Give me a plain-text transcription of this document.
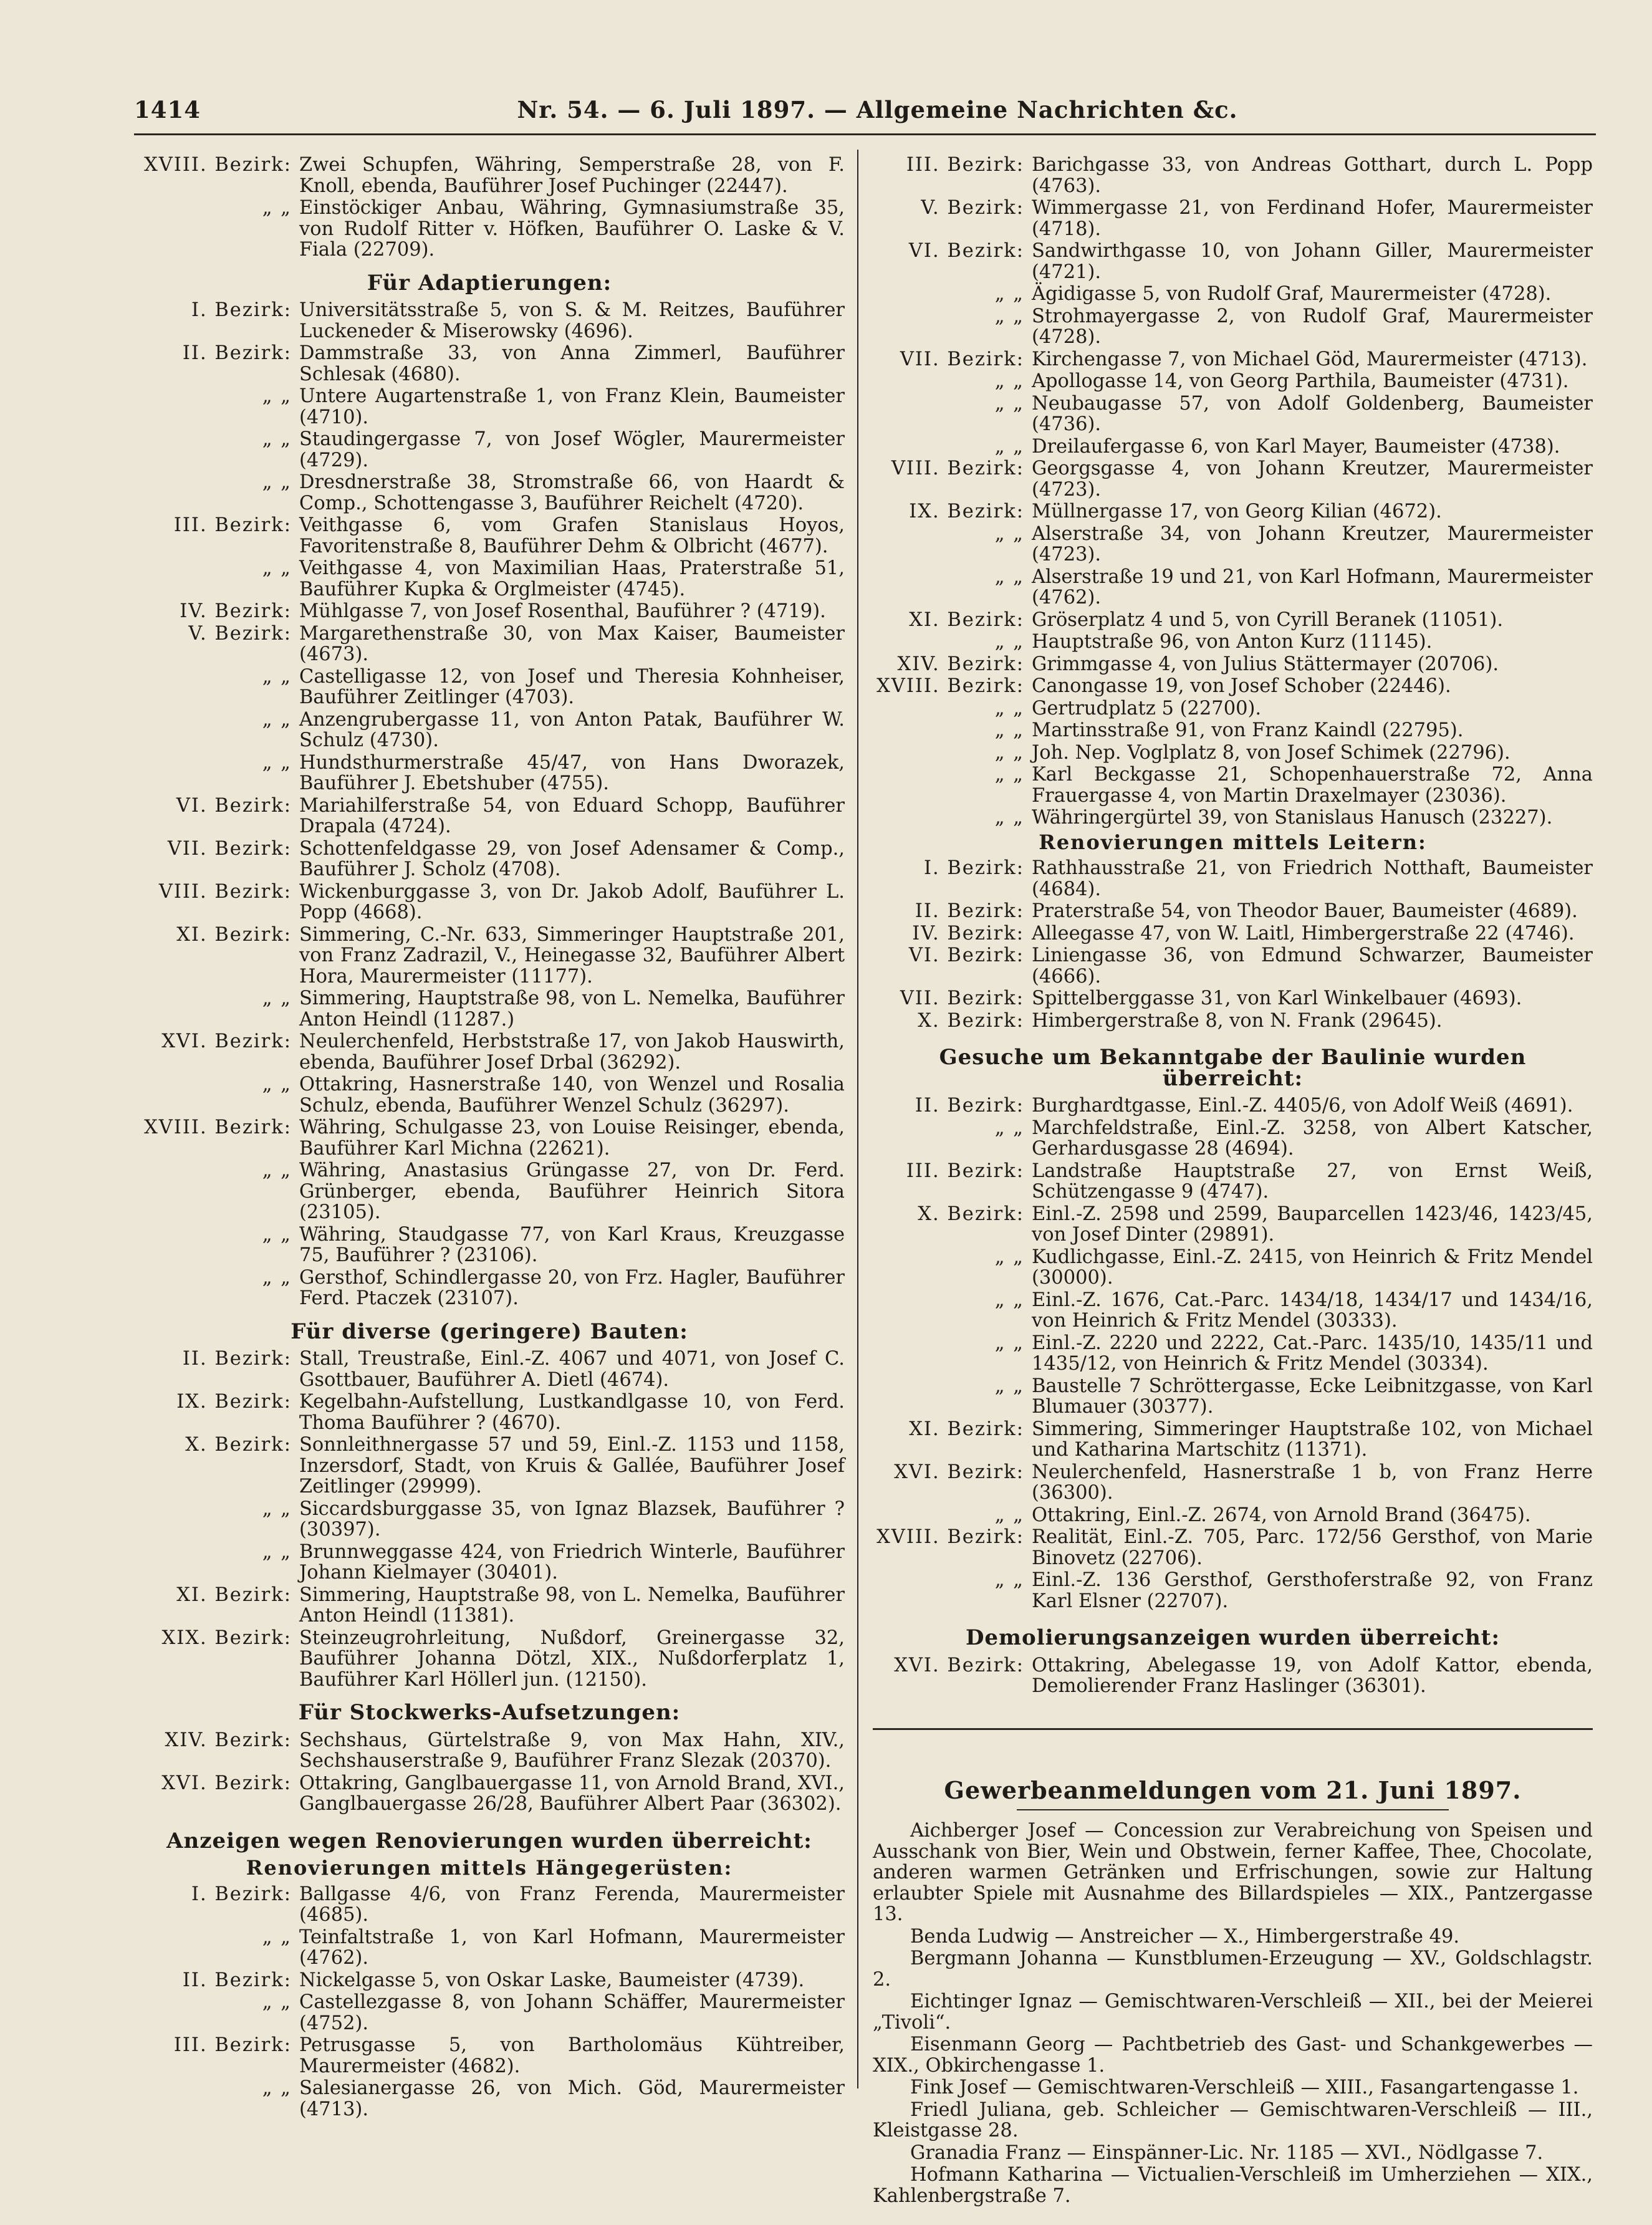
1414	Nr. 54. — 6. Juli 1897. — Allgemeine Nachrichten &c.
XVIII. Bezirk: Zwei Schupfen, Währing, Semperstraße 28, von F. Knoll, ebenda, Bauführer Josef Puchinger (22447).
„ „ Einstöckiger Anbau, Währing, Gymnasiumstraße 35, von Rudolf Ritter v. Höfken, Bauführer O. Laske & V. Fiala (22709).
Für Adaptierungen:
I. Bezirk: Universitätsstraße 5, von S. & M. Reitzes, Bauführer Luckeneder & Miserowsky (4696).
II. Bezirk: Dammstraße 33, von Anna Zimmerl, Bauführer Schlesak (4680).
„ „ Untere Augartenstraße 1, von Franz Klein, Baumeister (4710).
„ „ Staudingergasse 7, von Josef Wögler, Maurermeister (4729).
„ „ Dresdnerstraße 38, Stromstraße 66, von Haardt & Comp., Schottengasse 3, Bauführer Reichelt (4720).
III. Bezirk: Veithgasse 6, vom Grafen Stanislaus Hoyos, Favoritenstraße 8, Bauführer Dehm & Olbricht (4677).
„ „ Veithgasse 4, von Maximilian Haas, Praterstraße 51, Bauführer Kupka & Orglmeister (4745).
IV. Bezirk: Mühlgasse 7, von Josef Rosenthal, Bauführer ? (4719).
V. Bezirk: Margarethenstraße 30, von Max Kaiser, Baumeister (4673).
„ „ Castelligasse 12, von Josef und Theresia Kohnheiser, Bauführer Zeitlinger (4703).
„ „ Anzengrubergasse 11, von Anton Patak, Bauführer W. Schulz (4730).
„ „ Hundsthurmerstraße 45/47, von Hans Dworazek, Bauführer J. Ebetshuber (4755).
VI. Bezirk: Mariahilferstraße 54, von Eduard Schopp, Bauführer Drapala (4724).
VII. Bezirk: Schottenfeldgasse 29, von Josef Adensamer & Comp., Bauführer J. Scholz (4708).
VIII. Bezirk: Wickenburggasse 3, von Dr. Jakob Adolf, Bauführer L. Popp (4668).
XI. Bezirk: Simmering, C.-Nr. 633, Simmeringer Hauptstraße 201, von Franz Zadrazil, V., Heinegasse 32, Bauführer Albert Hora, Maurermeister (11177).
„ „ Simmering, Hauptstraße 98, von L. Nemelka, Bauführer Anton Heindl (11287.)
XVI. Bezirk: Neulerchenfeld, Herbststraße 17, von Jakob Hauswirth, ebenda, Bauführer Josef Drbal (36292).
„ „ Ottakring, Hasnerstraße 140, von Wenzel und Rosalia Schulz, ebenda, Bauführer Wenzel Schulz (36297).
XVIII. Bezirk: Währing, Schulgasse 23, von Louise Reisinger, ebenda, Bauführer Karl Michna (22621).
„ „ Währing, Anastasius Grüngasse 27, von Dr. Ferd. Grünberger, ebenda, Bauführer Heinrich Sitora (23105).
„ „ Währing, Staudgasse 77, von Karl Kraus, Kreuzgasse 75, Bauführer ? (23106).
„ „ Gersthof, Schindlergasse 20, von Frz. Hagler, Bauführer Ferd. Ptaczek (23107).
Für diverse (geringere) Bauten:
II. Bezirk: Stall, Treustraße, Einl.-Z. 4067 und 4071, von Josef C. Gsottbauer, Bauführer A. Dietl (4674).
IX. Bezirk: Kegelbahn-Aufstellung, Lustkandlgasse 10, von Ferd. Thoma Bauführer ? (4670).
X. Bezirk: Sonnleithnergasse 57 und 59, Einl.-Z. 1153 und 1158, Inzersdorf, Stadt, von Kruis & Gallée, Bauführer Josef Zeitlinger (29999).
„ „ Siccardsburggasse 35, von Ignaz Blazsek, Bauführer ? (30397).
„ „ Brunnweggasse 424, von Friedrich Winterle, Bauführer Johann Kielmayer (30401).
XI. Bezirk: Simmering, Hauptstraße 98, von L. Nemelka, Bauführer Anton Heindl (11381).
XIX. Bezirk: Steinzeugrohrleitung, Nußdorf, Greinergasse 32, Bauführer Johanna Dötzl, XIX., Nußdorferplatz 1, Bauführer Karl Höllerl jun. (12150).
Für Stockwerks-Aufsetzungen:
XIV. Bezirk: Sechshaus, Gürtelstraße 9, von Max Hahn, XIV., Sechshauserstraße 9, Bauführer Franz Slezak (20370).
XVI. Bezirk: Ottakring, Ganglbauergasse 11, von Arnold Brand, XVI., Ganglbauergasse 26/28, Bauführer Albert Paar (36302).
Anzeigen wegen Renovierungen wurden überreicht:
Renovierungen mittels Hängegerüsten:
I. Bezirk: Ballgasse 4/6, von Franz Ferenda, Maurermeister (4685).
„ „ Teinfaltstraße 1, von Karl Hofmann, Maurermeister (4762).
II. Bezirk: Nickelgasse 5, von Oskar Laske, Baumeister (4739).
„ „ Castellezgasse 8, von Johann Schäffer, Maurermeister (4752).
III. Bezirk: Petrusgasse 5, von Bartholomäus Kühtreiber, Maurermeister (4682).
„ „ Salesianergasse 26, von Mich. Göd, Maurermeister (4713).
III. Bezirk: Barichgasse 33, von Andreas Gotthart, durch L. Popp (4763).
V. Bezirk: Wimmergasse 21, von Ferdinand Hofer, Maurermeister (4718).
VI. Bezirk: Sandwirthgasse 10, von Johann Giller, Maurermeister (4721).
„ „ Ägidigasse 5, von Rudolf Graf, Maurermeister (4728).
„ „ Strohmayergasse 2, von Rudolf Graf, Maurermeister (4728).
VII. Bezirk: Kirchengasse 7, von Michael Göd, Maurermeister (4713).
„ „ Apollogasse 14, von Georg Parthila, Baumeister (4731).
„ „ Neubaugasse 57, von Adolf Goldenberg, Baumeister (4736).
„ „ Dreilaufergasse 6, von Karl Mayer, Baumeister (4738).
VIII. Bezirk: Georgsgasse 4, von Johann Kreutzer, Maurermeister (4723).
IX. Bezirk: Müllnergasse 17, von Georg Kilian (4672).
„ „ Alserstraße 34, von Johann Kreutzer, Maurermeister (4723).
„ „ Alserstraße 19 und 21, von Karl Hofmann, Maurermeister (4762).
XI. Bezirk: Gröserplatz 4 und 5, von Cyrill Beranek (11051).
„ „ Hauptstraße 96, von Anton Kurz (11145).
XIV. Bezirk: Grimmgasse 4, von Julius Stättermayer (20706).
XVIII. Bezirk: Canongasse 19, von Josef Schober (22446).
„ „ Gertrudplatz 5 (22700).
„ „ Martinsstraße 91, von Franz Kaindl (22795).
„ „ Joh. Nep. Voglplatz 8, von Josef Schimek (22796).
„ „ Karl Beckgasse 21, Schopenhauerstraße 72, Anna Frauergasse 4, von Martin Draxelmayer (23036).
„ „ Währingergürtel 39, von Stanislaus Hanusch (23227).
Renovierungen mittels Leitern:
I. Bezirk: Rathhausstraße 21, von Friedrich Notthaft, Baumeister (4684).
II. Bezirk: Praterstraße 54, von Theodor Bauer, Baumeister (4689).
IV. Bezirk: Alleegasse 47, von W. Laitl, Himbergerstraße 22 (4746).
VI. Bezirk: Liniengasse 36, von Edmund Schwarzer, Baumeister (4666).
VII. Bezirk: Spittelberggasse 31, von Karl Winkelbauer (4693).
X. Bezirk: Himbergerstraße 8, von N. Frank (29645).
Gesuche um Bekanntgabe der Baulinie wurden überreicht:
II. Bezirk: Burghardtgasse, Einl.-Z. 4405/6, von Adolf Weiß (4691).
„ „ Marchfeldstraße, Einl.-Z. 3258, von Albert Katscher, Gerhardusgasse 28 (4694).
III. Bezirk: Landstraße Hauptstraße 27, von Ernst Weiß, Schützengasse 9 (4747).
X. Bezirk: Einl.-Z. 2598 und 2599, Bauparcellen 1423/46, 1423/45, von Josef Dinter (29891).
„ „ Kudlichgasse, Einl.-Z. 2415, von Heinrich & Fritz Mendel (30000).
„ „ Einl.-Z. 1676, Cat.-Parc. 1434/18, 1434/17 und 1434/16, von Heinrich & Fritz Mendel (30333).
„ „ Einl.-Z. 2220 und 2222, Cat.-Parc. 1435/10, 1435/11 und 1435/12, von Heinrich & Fritz Mendel (30334).
„ „ Baustelle 7 Schröttergasse, Ecke Leibnitzgasse, von Karl Blumauer (30377).
XI. Bezirk: Simmering, Simmeringer Hauptstraße 102, von Michael und Katharina Martschitz (11371).
XVI. Bezirk: Neulerchenfeld, Hasnerstraße 1 b, von Franz Herre (36300).
„ „ Ottakring, Einl.-Z. 2674, von Arnold Brand (36475).
XVIII. Bezirk: Realität, Einl.-Z. 705, Parc. 172/56 Gersthof, von Marie Binovetz (22706).
„ „ Einl.-Z. 136 Gersthof, Gersthoferstraße 92, von Franz Karl Elsner (22707).
Demolierungsanzeigen wurden überreicht:
XVI. Bezirk: Ottakring, Abelegasse 19, von Adolf Kattor, ebenda, Demolierender Franz Haslinger (36301).
Gewerbeanmeldungen vom 21. Juni 1897.
Aichberger Josef — Concession zur Verabreichung von Speisen und Ausschank von Bier, Wein und Obstwein, ferner Kaffee, Thee, Chocolate, anderen warmen Getränken und Erfrischungen, sowie zur Haltung erlaubter Spiele mit Ausnahme des Billardspieles — XIX., Pantzergasse 13.
Benda Ludwig — Anstreicher — X., Himbergerstraße 49.
Bergmann Johanna — Kunstblumen-Erzeugung — XV., Goldschlagstr. 2.
Eichtinger Ignaz — Gemischtwaren-Verschleiß — XII., bei der Meierei „Tivoli“.
Eisenmann Georg — Pachtbetrieb des Gast- und Schankgewerbes — XIX., Obkirchengasse 1.
Fink Josef — Gemischtwaren-Verschleiß — XIII., Fasangartengasse 1.
Friedl Juliana, geb. Schleicher — Gemischtwaren-Verschleiß — III., Kleistgasse 28.
Granadia Franz — Einspänner-Lic. Nr. 1185 — XVI., Nödlgasse 7.
Hofmann Katharina — Victualien-Verschleiß im Umherziehen — XIX., Kahlenbergstraße 7.
